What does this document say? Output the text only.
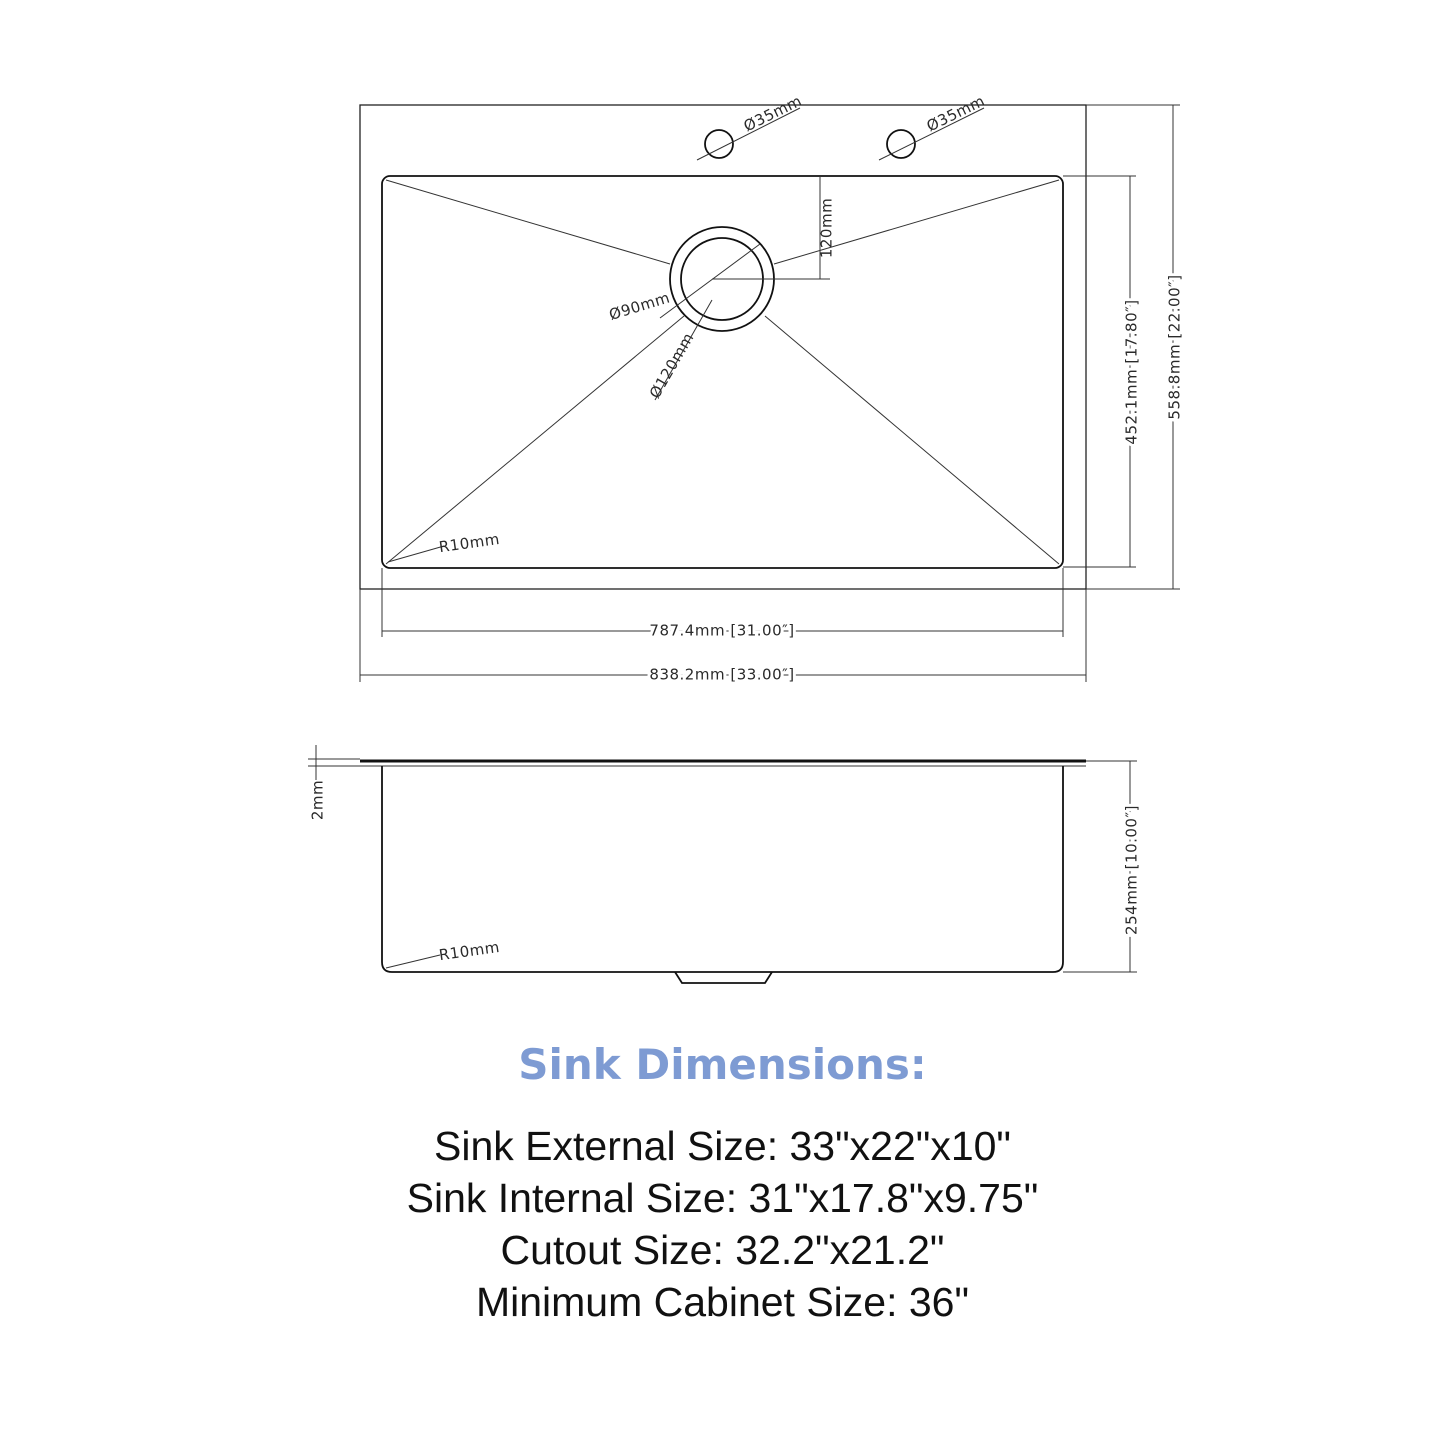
120mm
Ø90mm
Ø120mm
Ø35mm	Ø35mm
R10mm
452.1mm [17.80″] 558.8mm [22.00″]
787.4mm [31.00″]
838.2mm [33.00″]
R10mm
2mm
254mm [10.00″]
Sink Dimensions:
Sink External Size: 33"x22"x10"
Sink Internal Size: 31"x17.8"x9.75"
Cutout Size: 32.2"x21.2"
Minimum Cabinet Size: 36"
